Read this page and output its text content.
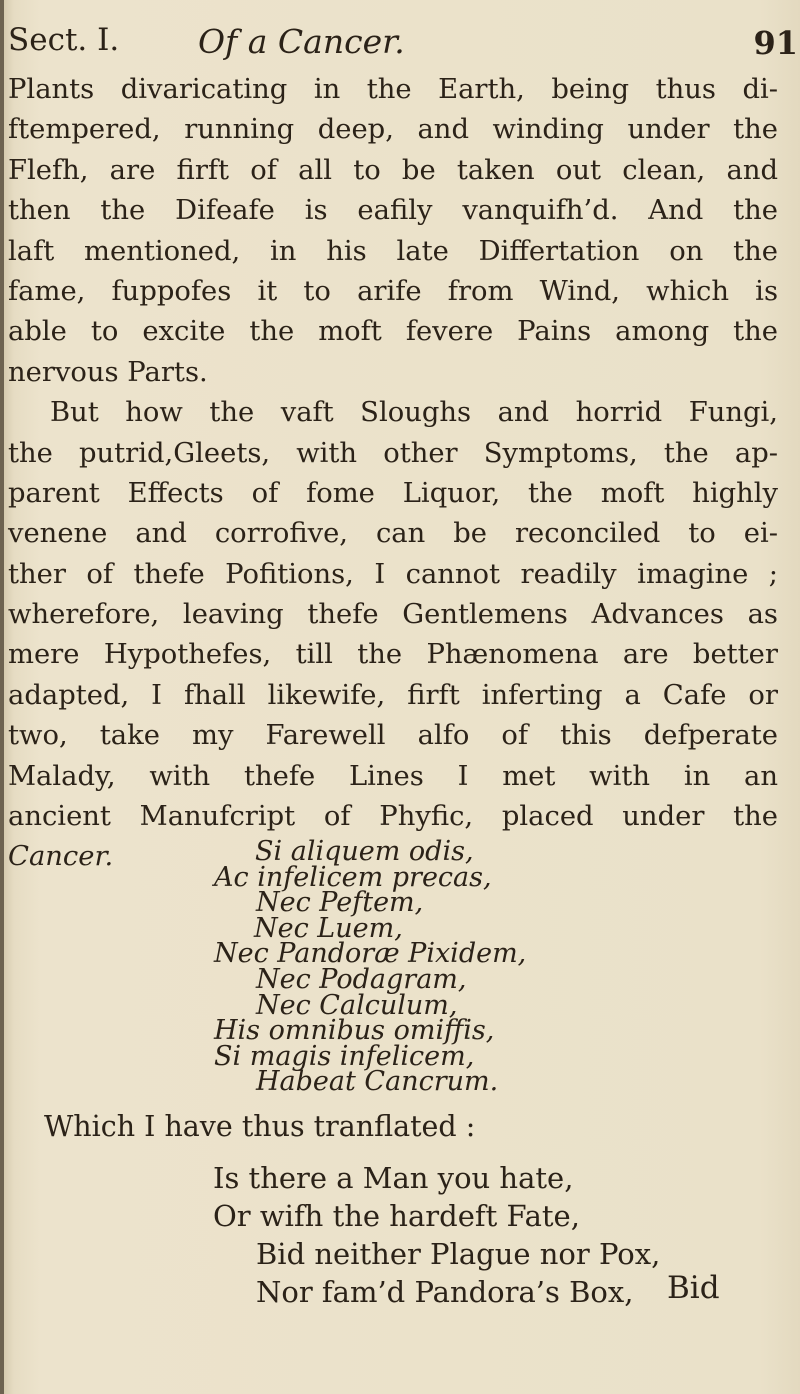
Sect. I. Of a Cancer.	91
Plants divaricating in the Earth, being thus di-
ftempered, running deep, and winding under the
Flefh, are firft of all to be taken out clean, and
then the Difeafe is eafily vanquifh’d. And the
laft mentioned, in his late Differtation on the
fame, fuppofes it to arife from Wind, which is
able to excite the moft fevere Pains among the
nervous Parts.
But how the vaft Sloughs and horrid Fungi,
the putrid,Gleets, with other Symptoms, the ap-
parent Effects of fome Liquor, the moft highly
venene and corrofive, can be reconciled to ei-
ther of thefe Pofitions, I cannot readily imagine ;
wherefore, leaving thefe Gentlemens Advances as
mere Hypothefes, till the Phænomena are better
adapted, I fhall likewife, firft inferting a Cafe or
two, take my Farewell alfo of this defperate
Malady, with thefe Lines I met with in an
ancient Manufcript of Phyfic, placed under the
Cancer.	Si aliquem odis,
Ac infelicem precas,
Nec Peftem,
Nec Luem,
Nec Pandoræ Pixidem,
Nec Podagram,
Nec Calculum,
His omnibus omiffis,
Si magis infelicem,
Habeat Cancrum.
Which I have thus tranflated :
Is there a Man you hate,
Or wifh the hardeft Fate,
Bid neither Plague nor Pox,
Nor fam’d Pandora’s Box, Bid
